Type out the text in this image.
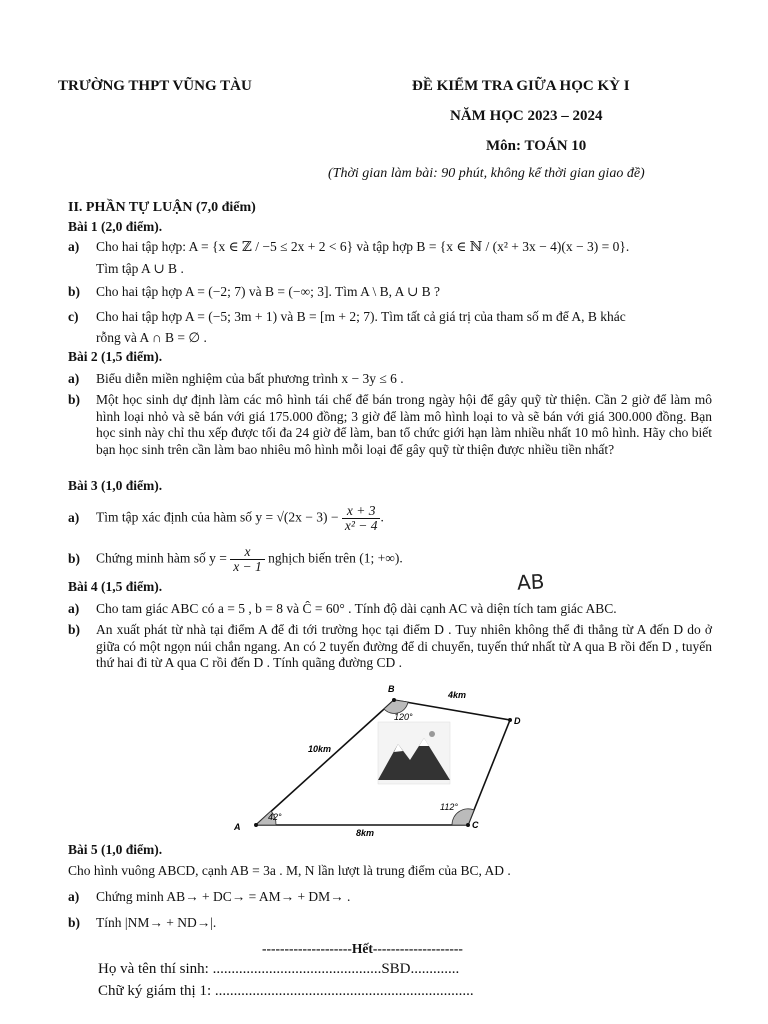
TRƯỜNG THPT VŨNG TÀU	ĐỀ KIỂM TRA GIỮA HỌC KỲ I
NĂM HỌC 2023 – 2024
Môn: TOÁN 10
(Thời gian làm bài: 90 phút, không kể thời gian giao đề)
II. PHẦN TỰ LUẬN (7,0 điểm)
Bài 1 (2,0 điểm).
a) Cho hai tập hợp: A = {x ∈ ℤ / −5 ≤ 2x + 2 < 6} và tập hợp B = {x ∈ ℕ / (x² + 3x − 4)(x − 3) = 0}.
Tìm tập A ∪ B .
b) Cho hai tập hợp A = (−2; 7) và B = (−∞; 3]. Tìm A \ B, A ∪ B ?
c) Cho hai tập hợp A = (−5; 3m + 1) và B = [m + 2; 7). Tìm tất cả giá trị của tham số m để A, B khác
rỗng và A ∩ B = ∅ .
Bài 2 (1,5 điểm).
a) Biểu diễn miền nghiệm của bất phương trình x − 3y ≤ 6 .
b) Một học sinh dự định làm các mô hình tái chế để bán trong ngày hội để gây quỹ từ thiện. Cần 2 giờ để làm mô hình loại nhỏ và sẽ bán với giá 175.000 đồng; 3 giờ để làm mô hình loại to và sẽ bán với giá 300.000 đồng. Bạn học sinh này chỉ thu xếp được tối đa 24 giờ để làm, ban tổ chức giới hạn làm nhiều nhất 10 mô hình. Hãy cho biết bạn học sinh trên cần làm bao nhiêu mô hình mỗi loại để gây quỹ từ thiện được nhiều tiền nhất?
Bài 3 (1,0 điểm).
a) Tìm tập xác định của hàm số $y = √(2x - 3) - \frac{x + 3}{\text{x² − 4}}$ .
b) Chứng minh hàm số $y = \frac{x}{x - 1}$ nghịch biến trên (1; +∞).
Bài 4 (1,5 điểm).	AB
a) Cho tam giác ABC có a = 5 , b = 8 và Ĉ = 60° . Tính độ dài cạnh AC và diện tích tam giác ABC.
b) An xuất phát từ nhà tại điểm A để đi tới trường học tại điểm D . Tuy nhiên không thể đi thẳng từ A đến D do ở giữa có một ngọn núi chắn ngang. An có 2 tuyến đường để di chuyển, tuyến thứ nhất từ A qua B rồi đến D , tuyến thứ hai đi từ A qua C rồi đến D . Tính quãng đường CD .
A
B
D
C
10km
4km
8km
42°
120°
112°
Bài 5 (1,0 điểm).
Cho hình vuông ABCD, cạnh AB = 3a . M, N lần lượt là trung điểm của BC, AD .
a) Chứng minh AB→ + DC→ = AM→ + DM→ .
b) Tính |NM→ + ND→|.
--------------------Hết--------------------
Họ và tên thí sinh: .............................................SBD.............
Chữ ký giám thị 1: .....................................................................
